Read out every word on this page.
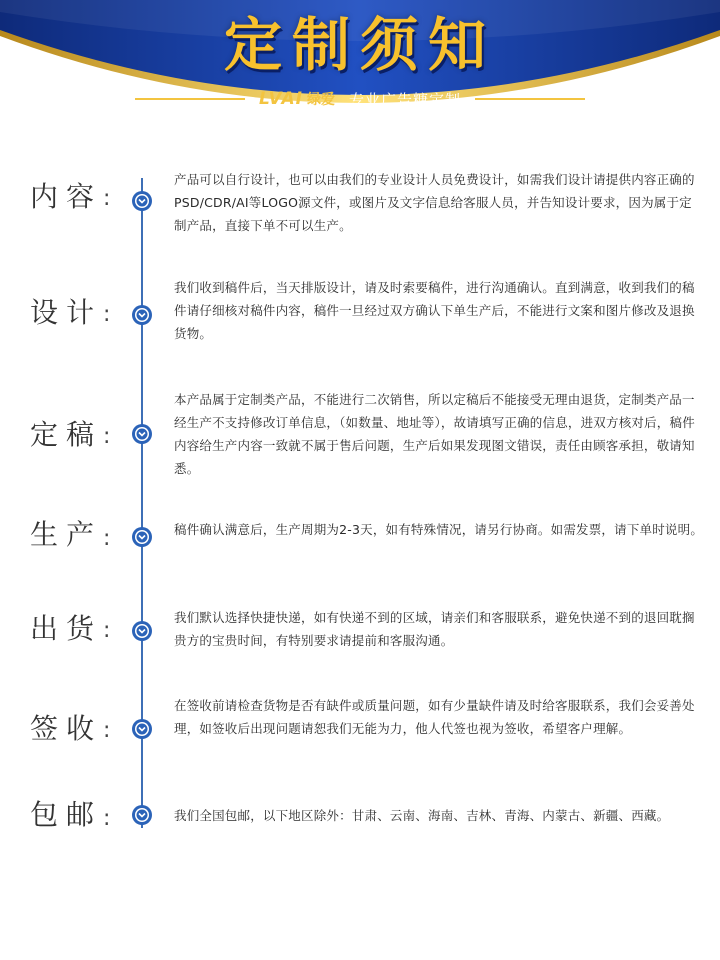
定制须知
LVAI 绿爱 专业广告糖定制
内容 :
产品可以自行设计，也可以由我们的专业设计人员免费设计，如需我们设计请提供内容正确的PSD/CDR/AI等LOGO源文件，或图片及文字信息给客服人员，并告知设计要求，因为属于定制产品，直接下单不可以生产。
设计 :
我们收到稿件后，当天排版设计，请及时索要稿件，进行沟通确认。直到满意，收到我们的稿件请仔细核对稿件内容，稿件一旦经过双方确认下单生产后，不能进行文案和图片修改及退换货物。
定稿 :
本产品属于定制类产品，不能进行二次销售，所以定稿后不能接受无理由退货，定制类产品一经生产不支持修改订单信息，（如数量、地址等），故请填写正确的信息，进双方核对后，稿件内容给生产内容一致就不属于售后问题，生产后如果发现图文错误，责任由顾客承担，敬请知悉。
生产 :	稿件确认满意后，生产周期为2-3天，如有特殊情况，请另行协商。如需发票，请下单时说明。
出货 :
我们默认选择快捷快递，如有快递不到的区域，请亲们和客服联系，避免快递不到的退回耽搁贵方的宝贵时间，有特别要求请提前和客服沟通。
签收 :
在签收前请检查货物是否有缺件或质量问题，如有少量缺件请及时给客服联系，我们会妥善处理，如签收后出现问题请恕我们无能为力，他人代签也视为签收，希望客户理解。
包邮 :	我们全国包邮，以下地区除外：甘肃、云南、海南、吉林、青海、内蒙古、新疆、西藏。
